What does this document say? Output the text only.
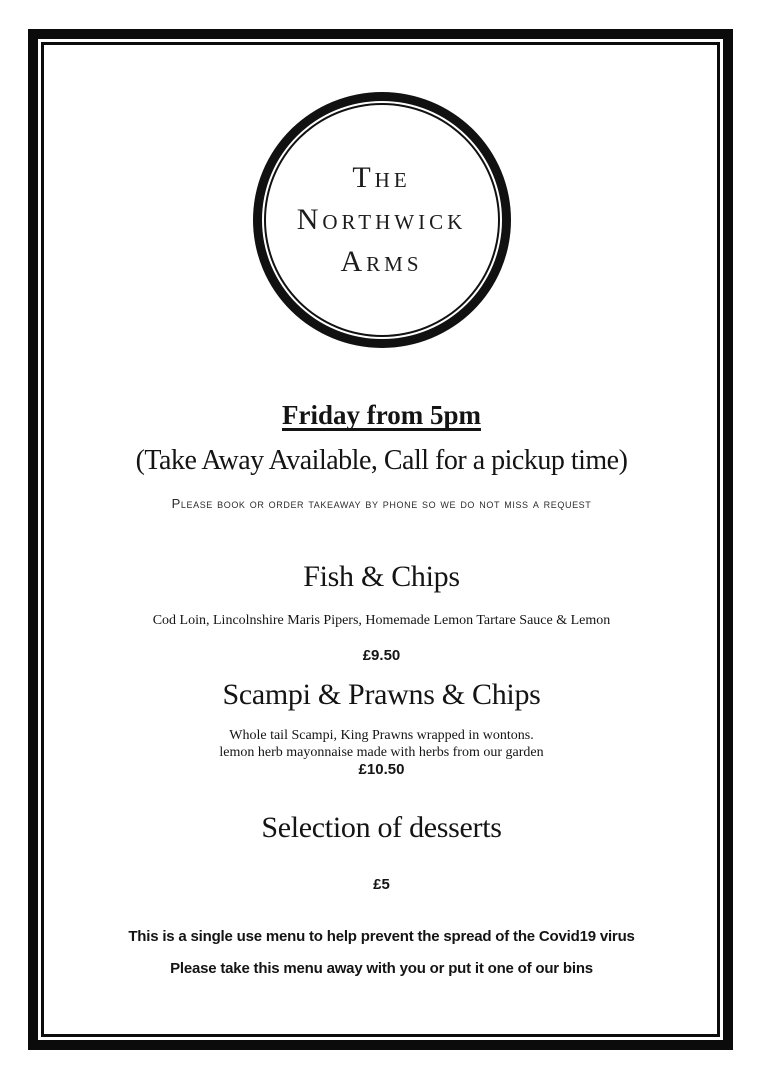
The
Northwick
Arms
Friday from 5pm
(Take Away Available, Call for a pickup time)
Please book or order takeaway by phone so we do not miss a request
Fish & Chips
Cod Loin, Lincolnshire Maris Pipers, Homemade Lemon Tartare Sauce & Lemon
£9.50
Scampi & Prawns & Chips
Whole tail Scampi, King Prawns wrapped in wontons.
lemon herb mayonnaise made with herbs from our garden
£10.50
Selection of desserts
£5
This is a single use menu to help prevent the spread of the Covid19 virus
Please take this menu away with you or put it one of our bins
